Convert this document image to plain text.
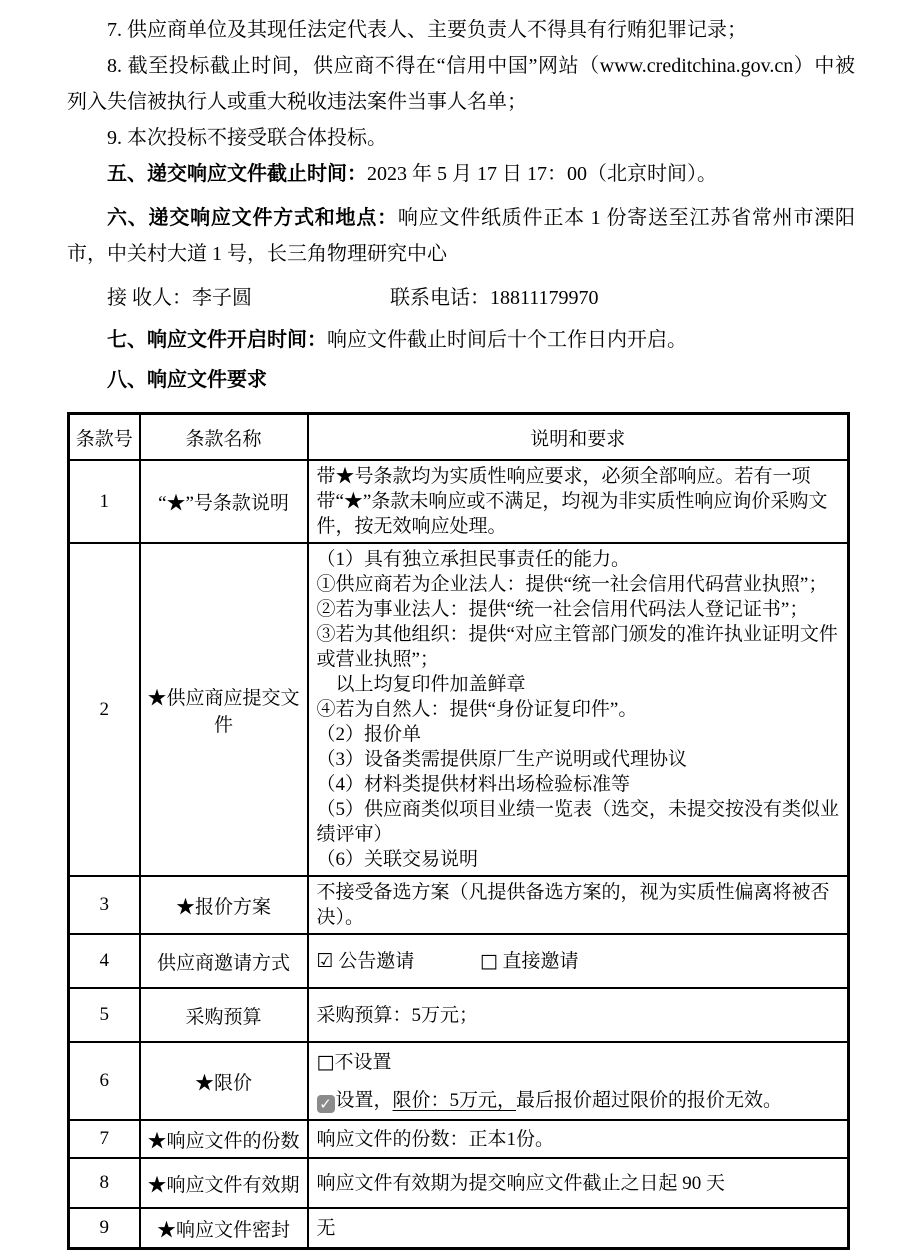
7. 供应商单位及其现任法定代表人、主要负责人不得具有行贿犯罪记录；

8. 截至投标截止时间，供应商不得在“信用中国”网站（www.creditchina.gov.cn）中被列入失信被执行人或重大税收违法案件当事人名单；

9. 本次投标不接受联合体投标。

五、递交响应文件截止时间：2023 年 5 月 17 日 17：00（北京时间）。

六、递交响应文件方式和地点：响应文件纸质件正本 1 份寄送至江苏省常州市溧阳市，中关村大道 1 号，长三角物理研究中心

接 收人：李子圆	联系电话：18811179970

七、响应文件开启时间：响应文件截止时间后十个工作日内开启。

八、响应文件要求

条款号	条款名称	说明和要求
1	“★”号条款说明	带★号条款均为实质性响应要求，必须全部响应。若有一项带“★”条款未响应或不满足，均视为非实质性响应询价采购文件，按无效响应处理。
2	★供应商应提交文件	
（1）具有独立承担民事责任的能力。
①供应商若为企业法人：提供“统一社会信用代码营业执照”；
②若为事业法人：提供“统一社会信用代码法人登记证书”；
③若为其他组织：提供“对应主管部门颁发的准许执业证明文件或营业执照”；
　以上均复印件加盖鲜章
④若为自然人：提供“身份证复印件”。
（2）报价单
（3）设备类需提供原厂生产说明或代理协议
（4）材料类提供材料出场检验标准等
（5）供应商类似项目业绩一览表（选交，未提交按没有类似业绩评审）
（6）关联交易说明

3	★报价方案	不接受备选方案（凡提供备选方案的，视为实质性偏离将被否决）。
4	供应商邀请方式	☑ 公告邀请 □ 直接邀请
5	采购预算	采购预算：5万元；
6	★限价	□不设置
✓ 设置，限价：5万元，最后报价超过限价的报价无效。

7	★响应文件的份数	响应文件的份数：正本1份。
8	★响应文件有效期	响应文件有效期为提交响应文件截止之日起 90 天
9	★响应文件密封	无
